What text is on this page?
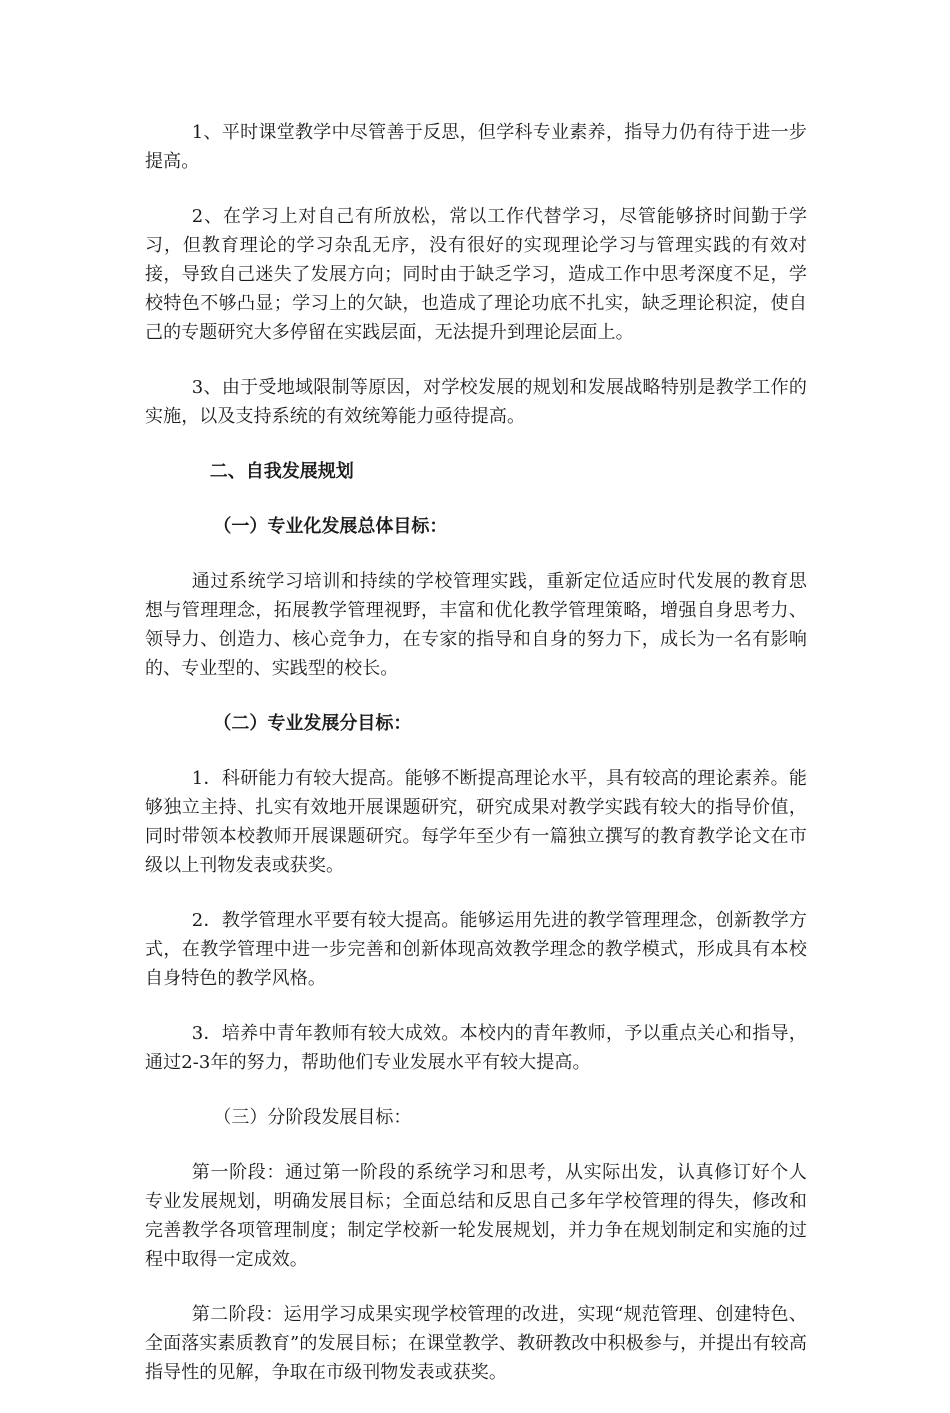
1、平时课堂教学中尽管善于反思，但学科专业素养，指导力仍有待于进一步提高。

2、在学习上对自己有所放松，常以工作代替学习，尽管能够挤时间勤于学习，但教育理论的学习杂乱无序，没有很好的实现理论学习与管理实践的有效对接，导致自己迷失了发展方向；同时由于缺乏学习，造成工作中思考深度不足，学校特色不够凸显；学习上的欠缺，也造成了理论功底不扎实，缺乏理论积淀，使自己的专题研究大多停留在实践层面，无法提升到理论层面上。

3、由于受地域限制等原因，对学校发展的规划和发展战略特别是教学工作的实施，以及支持系统的有效统筹能力亟待提高。

二、自我发展规划

（一）专业化发展总体目标：

通过系统学习培训和持续的学校管理实践，重新定位适应时代发展的教育思想与管理理念，拓展教学管理视野，丰富和优化教学管理策略，增强自身思考力、领导力、创造力、核心竞争力，在专家的指导和自身的努力下，成长为一名有影响的、专业型的、实践型的校长。

（二）专业发展分目标：

1．科研能力有较大提高。能够不断提高理论水平，具有较高的理论素养。能够独立主持、扎实有效地开展课题研究，研究成果对教学实践有较大的指导价值，同时带领本校教师开展课题研究。每学年至少有一篇独立撰写的教育教学论文在市级以上刊物发表或获奖。

2．教学管理水平要有较大提高。能够运用先进的教学管理理念，创新教学方式，在教学管理中进一步完善和创新体现高效教学理念的教学模式，形成具有本校自身特色的教学风格。

3．培养中青年教师有较大成效。本校内的青年教师，予以重点关心和指导，通过2-3年的努力，帮助他们专业发展水平有较大提高。

（三）分阶段发展目标：

第一阶段：通过第一阶段的系统学习和思考，从实际出发，认真修订好个人专业发展规划，明确发展目标；全面总结和反思自己多年学校管理的得失，修改和完善教学各项管理制度；制定学校新一轮发展规划，并力争在规划制定和实施的过程中取得一定成效。

第二阶段：运用学习成果实现学校管理的改进，实现“规范管理、创建特色、全面落实素质教育”的发展目标；在课堂教学、教研教改中积极参与，并提出有较高指导性的见解，争取在市级刊物发表或获奖。
